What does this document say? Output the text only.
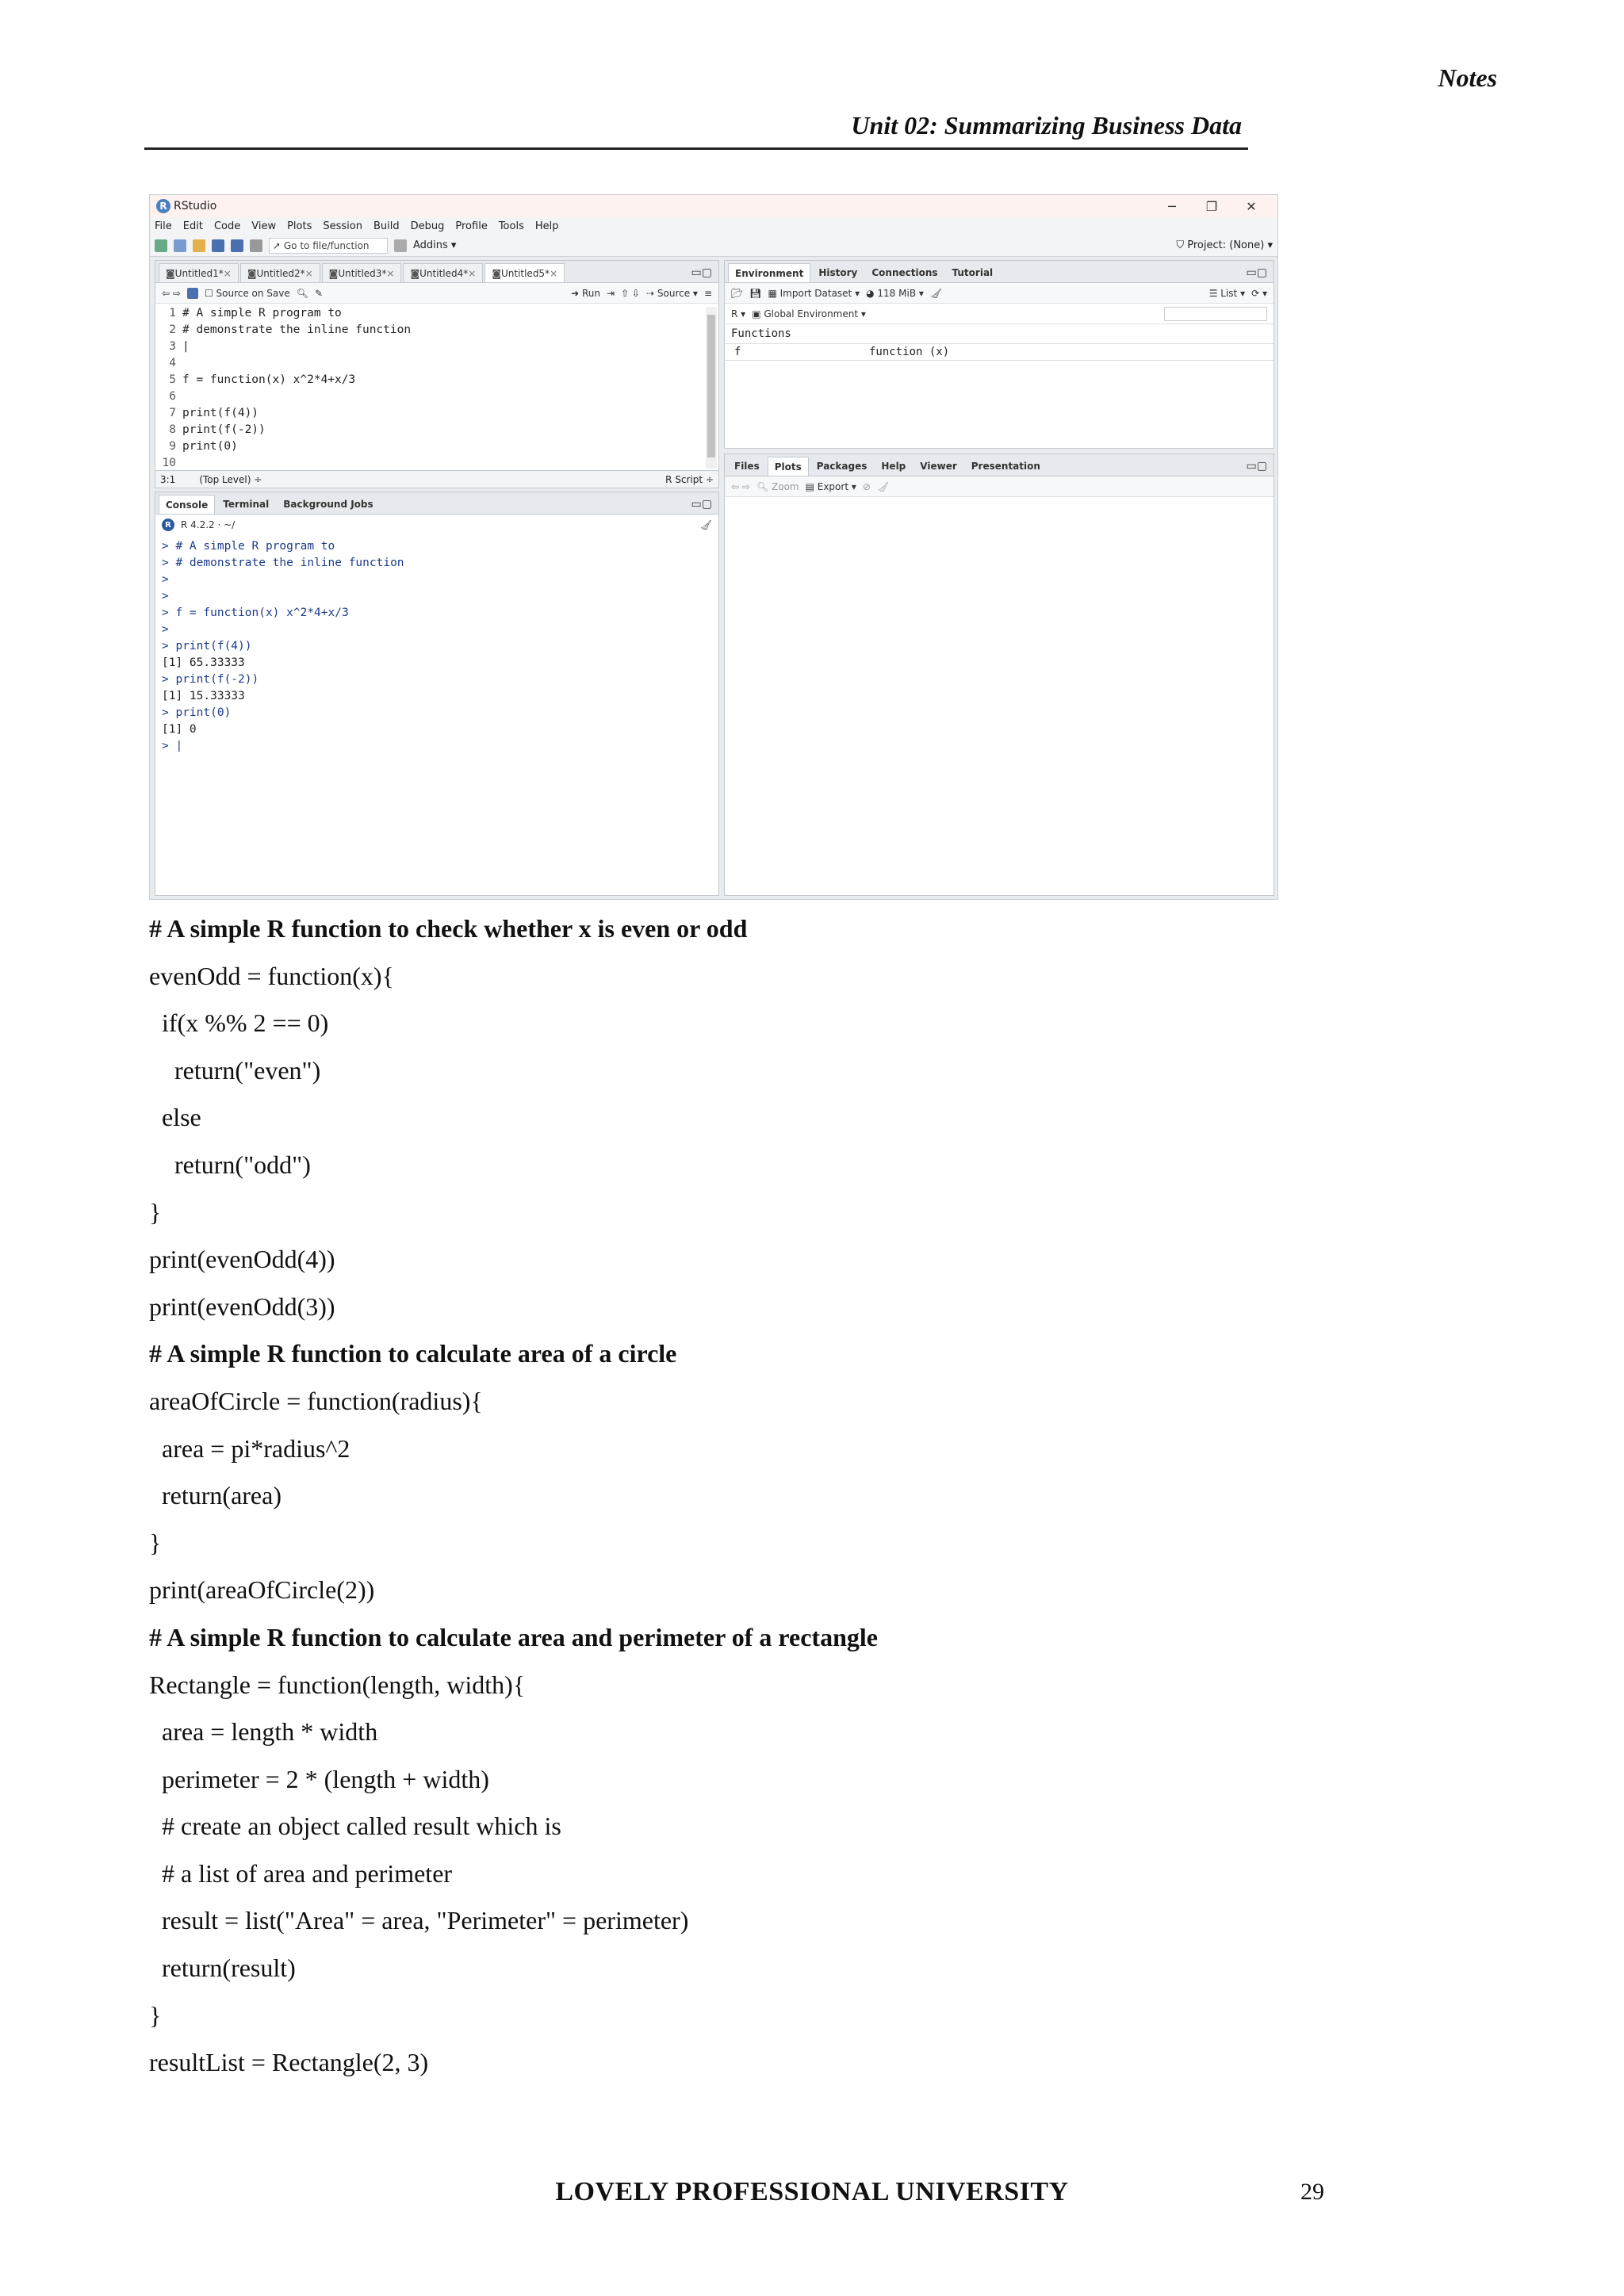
Notes
Unit 02: Summarizing Business Data
R RStudio	─	❐	✕
File Edit Code View Plots Session Build Debug Profile Tools Help
➚ Go to file/function	Addins ▾	⛉ Project: (None) ▾
◙ Untitled1* × ◙ Untitled2* × ◙ Untitled3* × ◙ Untitled4* × ◙ Untitled5* ×	▭▢
⇦ ⇨	☐ Source on Save 🔍︎ ✎	➜ Run ⇥ ⇧ ⇩ ⇢ Source ▾ ≡
1 # A simple R program to
2 # demonstrate the inline function
3 |
4
5 f = function(x) x^2*4+x/3
6
7 print(f(4))
8 print(f(-2))
9 print(0)
10
3:1	(Top Level) ÷	R Script ÷
Console Terminal Background Jobs	▭▢
R	R 4.2.2 · ~/	🧹︎
> # A simple R program to
> # demonstrate the inline function
>
>
> f = function(x) x^2*4+x/3
>
> print(f(4))
[1] 65.33333
> print(f(-2))
[1] 15.33333
> print(0)
[1] 0
> |
Environment History Connections Tutorial	▭▢
📂︎ 💾︎ ▦ Import Dataset ▾ ◕ 118 MiB ▾ 🧹︎	☰ List ▾ ⟳ ▾
R ▾ ▣ Global Environment ▾
Functions
f	function (x)
Files Plots Packages Help Viewer Presentation	▭▢
⇦ ⇨ 🔍︎ Zoom ▤ Export ▾ ⊘ 🧹︎
# A simple R function to check whether x is even or odd
evenOdd = function(x){
if(x %% 2 == 0)
return("even")
else
return("odd")
}
print(evenOdd(4))
print(evenOdd(3))
# A simple R function to calculate area of a circle
areaOfCircle = function(radius){
area = pi*radius^2
return(area)
}
print(areaOfCircle(2))
# A simple R function to calculate area and perimeter of a rectangle
Rectangle = function(length, width){
area = length * width
perimeter = 2 * (length + width)
# create an object called result which is
# a list of area and perimeter
result = list("Area" = area, "Perimeter" = perimeter)
return(result)
}
resultList = Rectangle(2, 3)
LOVELY PROFESSIONAL UNIVERSITY	29
